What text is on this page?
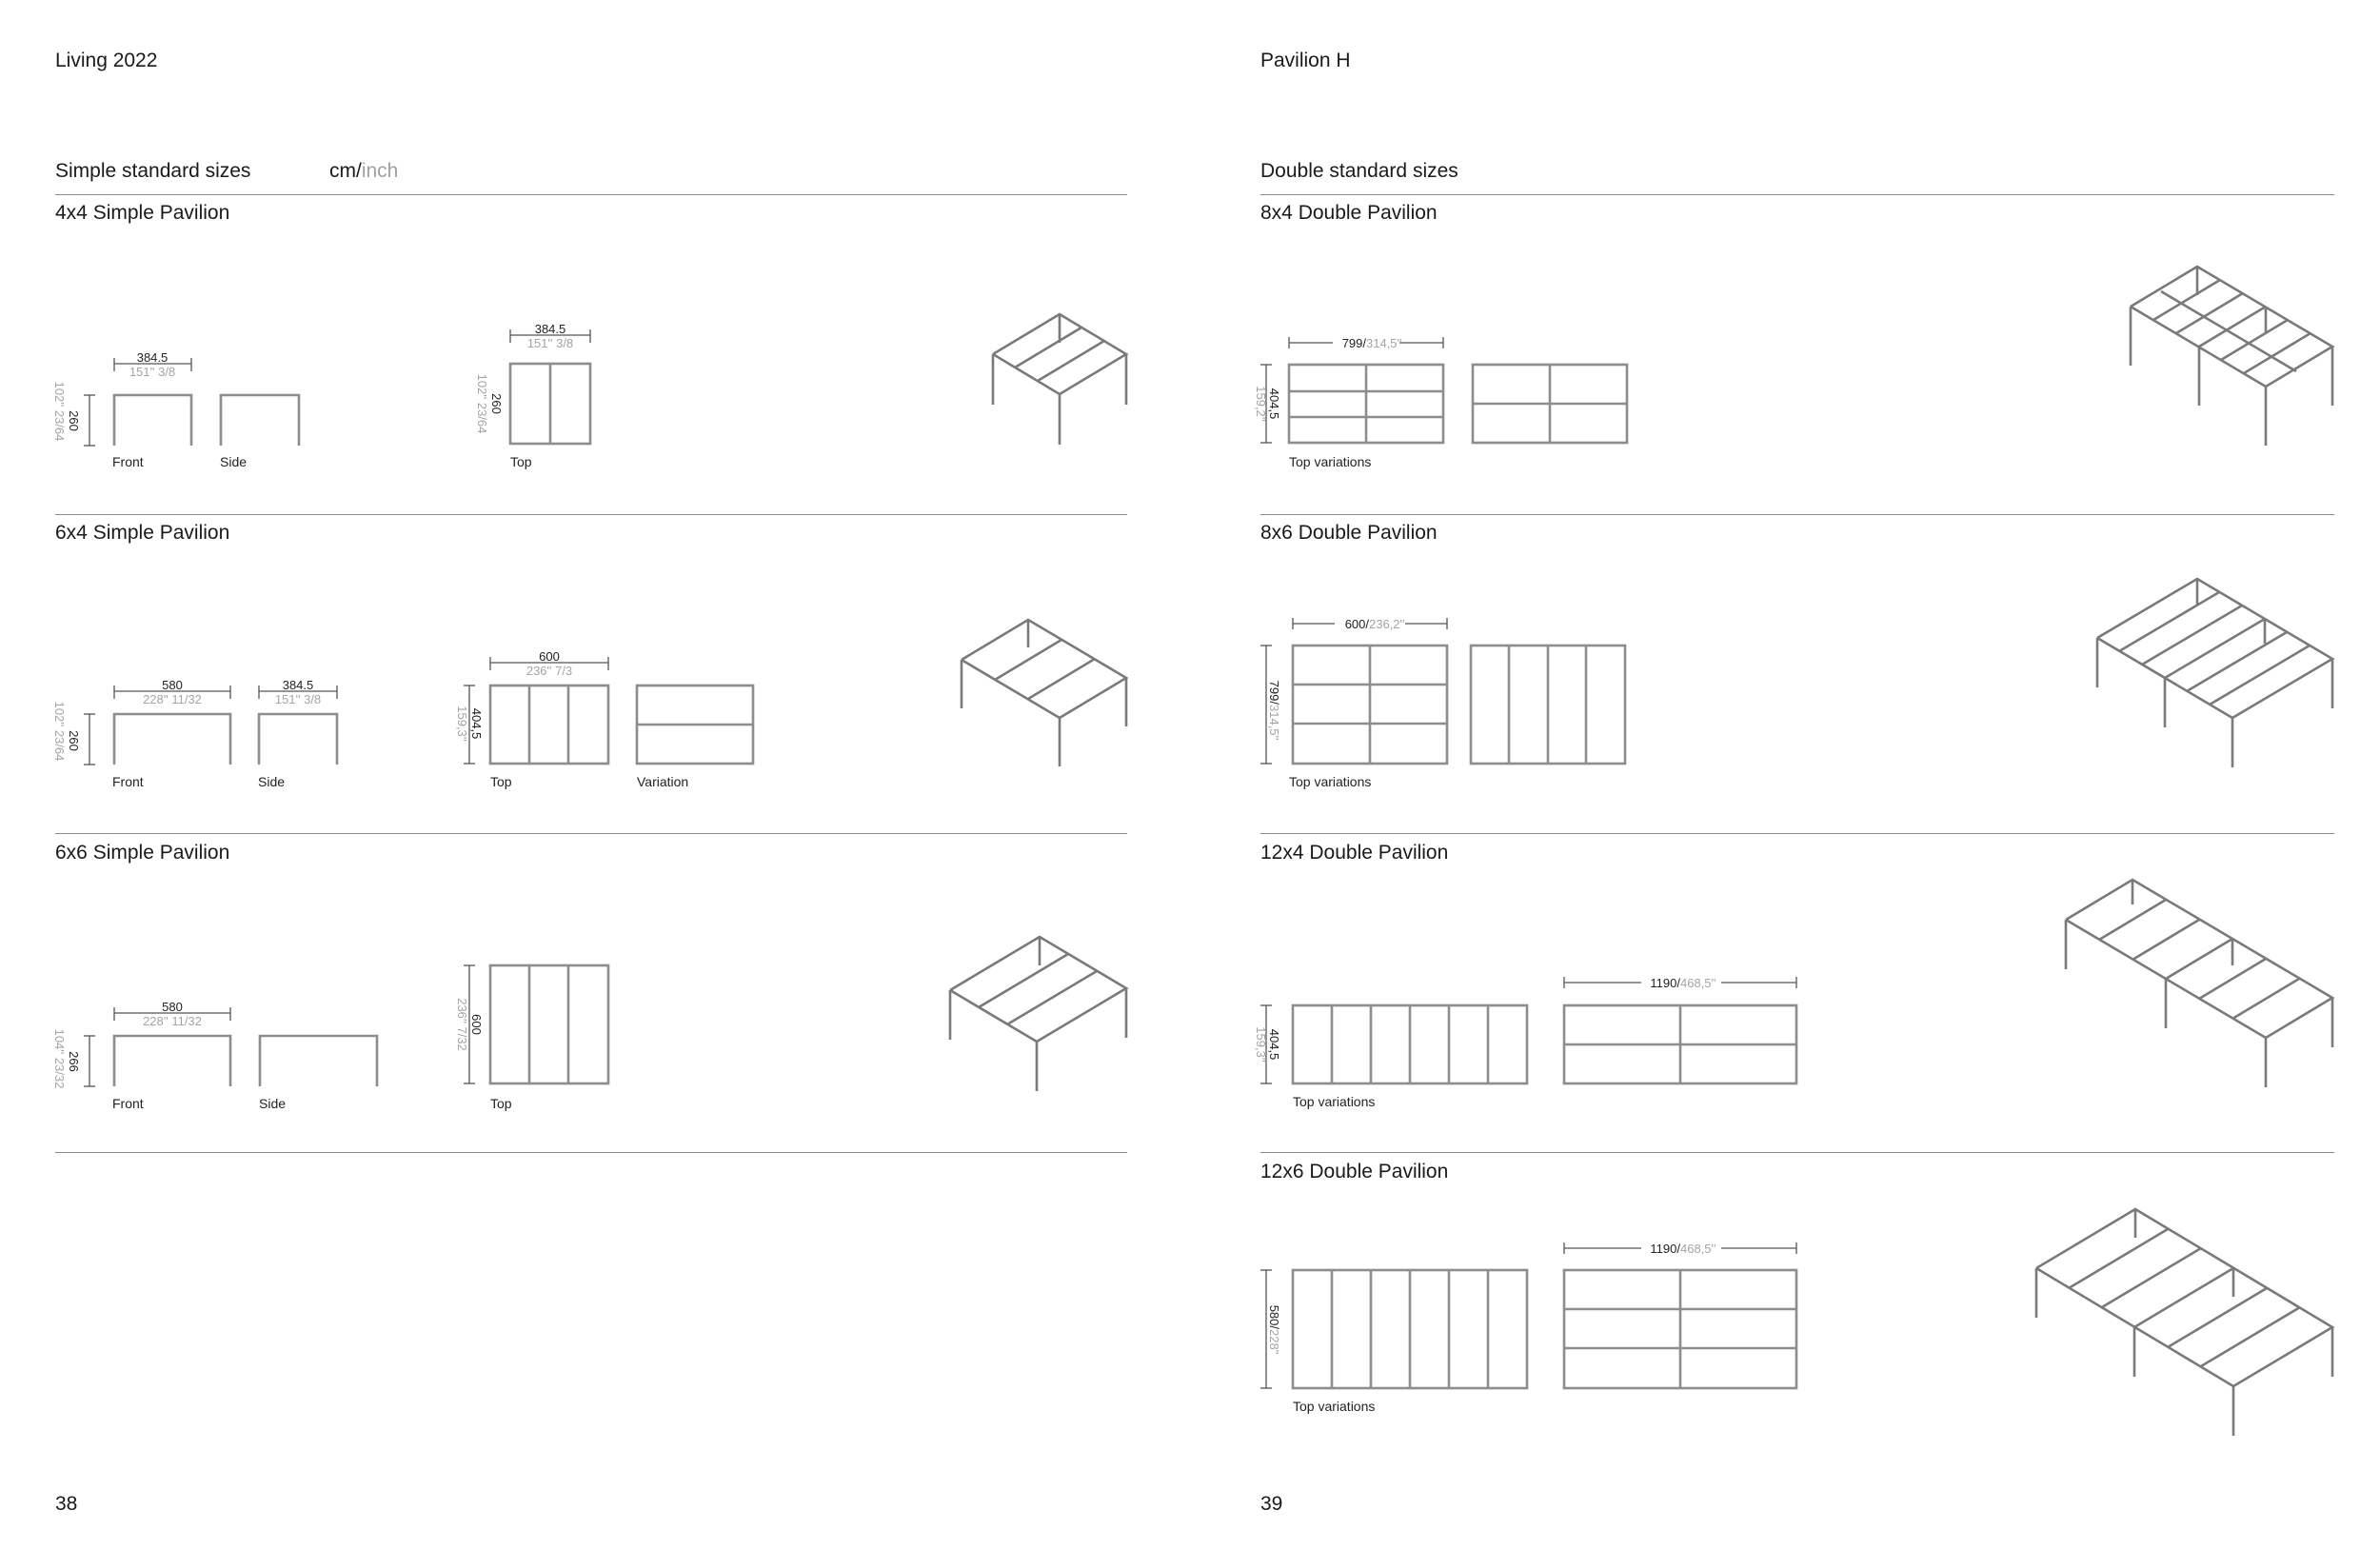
Living 2022
Simple standard sizes	cm/inch
4x4 Simple Pavilion
384.5
151'' 3/8
260
102'' 23/64
Front	Side
384.5
151'' 3/8
260
102'' 23/64
Top
580
228'' 11/32
384.5
151'' 3/8
260
102'' 23/64
Front	Side
600
236'' 7/3
404,5
159,3''
Top	Variation
580
228'' 11/32
266
104'' 23/32
Front	Side
600
236'' 7/32
Top
6x4 Simple Pavilion
6x6 Simple Pavilion
38
Pavilion H
Double standard sizes
8x4 Double Pavilion
8x6 Double Pavilion
12x4 Double Pavilion
12x6 Double Pavilion
799/ 314,5''
404,5
159,2''
Top variations
600/ 236,2''
799/
314,5''
Top variations
404,5
159,3''
1190/ 468,5''
Top variations
580/
228''
1190/ 468,5''
Top variations
39
